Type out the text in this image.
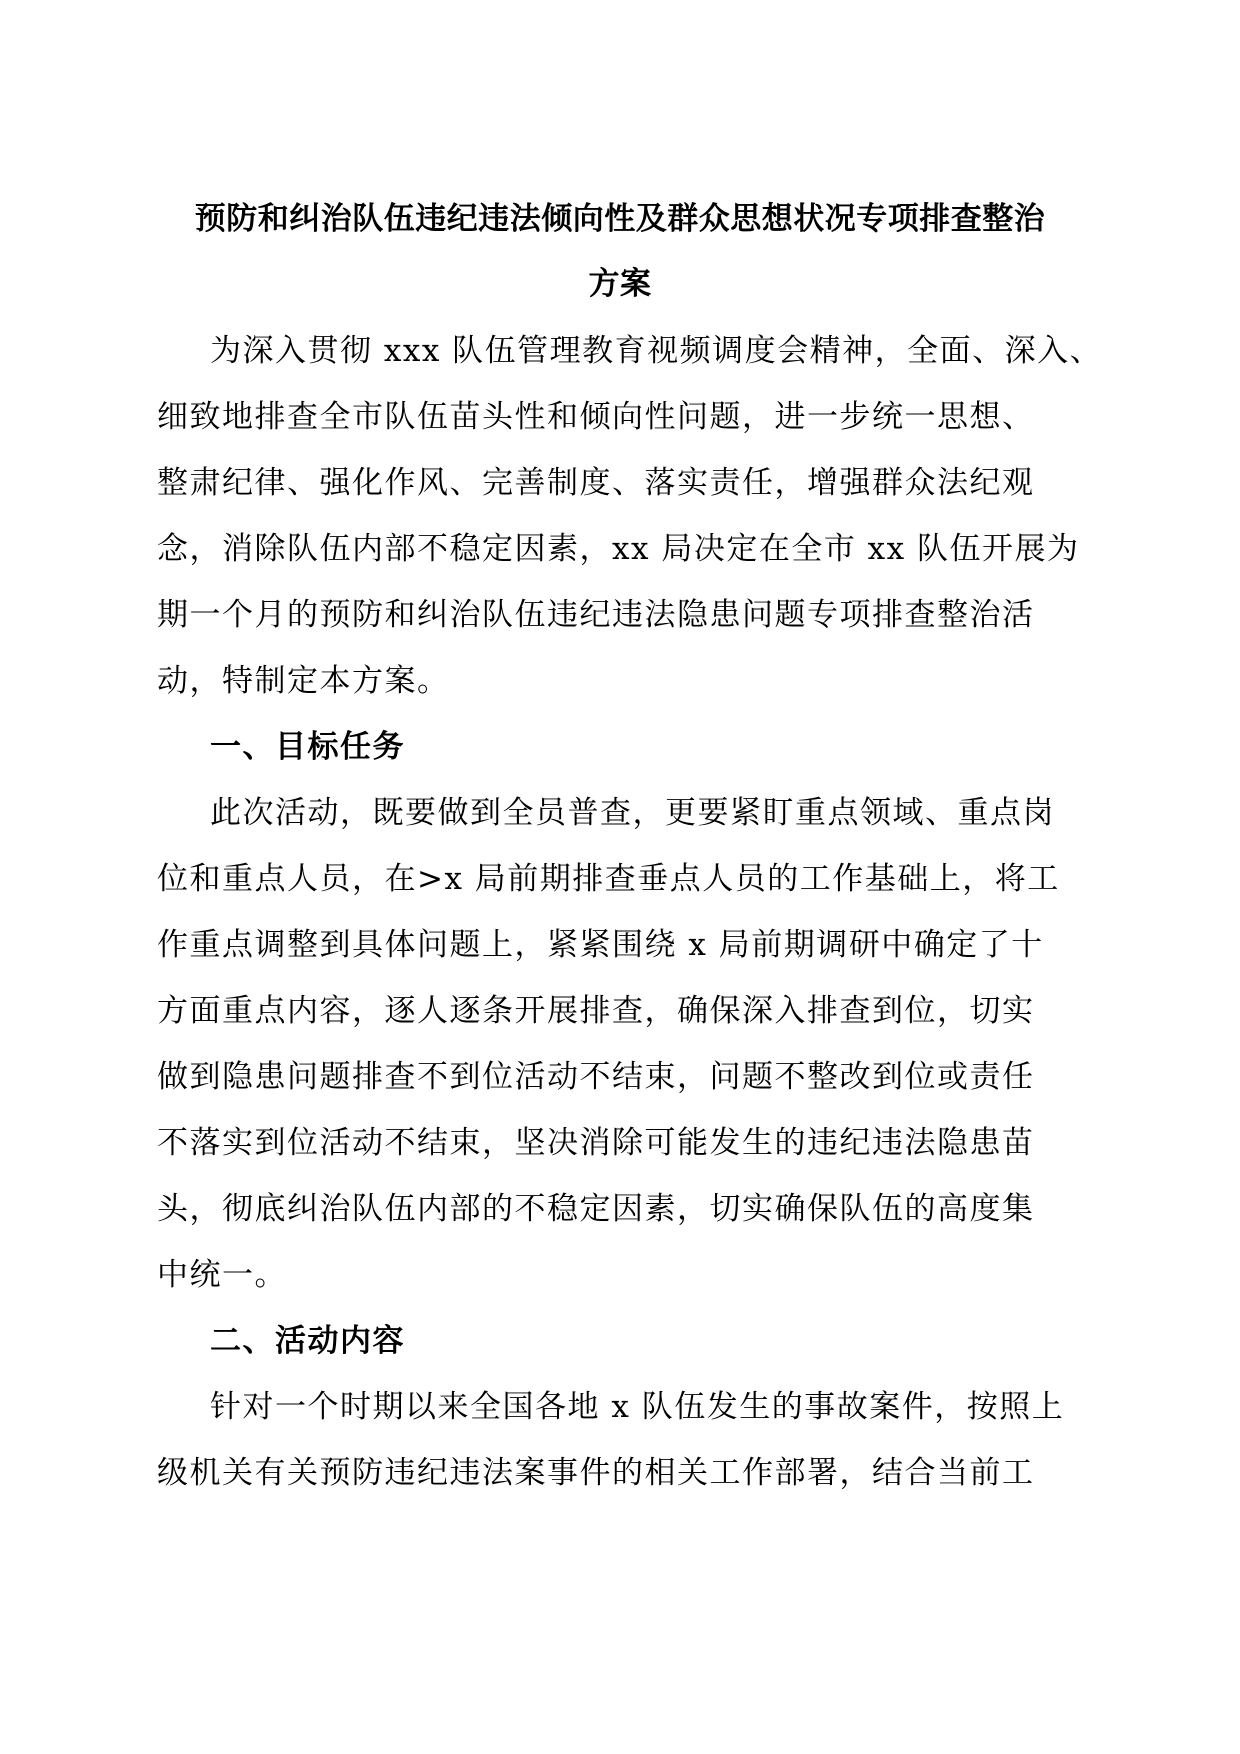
预防和纠治队伍违纪违法倾向性及群众思想状况专项排查整治
方案
为深入贯彻 xxx 队伍管理教育视频调度会精神，全面、深入、
细致地排查全市队伍苗头性和倾向性问题，进一步统一思想、
整肃纪律、强化作风、完善制度、落实责任，增强群众法纪观
念，消除队伍内部不稳定因素，xx 局决定在全市 xx 队伍开展为
期一个月的预防和纠治队伍违纪违法隐患问题专项排查整治活
动，特制定本方案。
一、目标任务
此次活动，既要做到全员普查，更要紧盯重点领域、重点岗
位和重点人员，在>x 局前期排查垂点人员的工作基础上，将工
作重点调整到具体问题上，紧紧围绕 x 局前期调研中确定了十
方面重点内容，逐人逐条开展排查，确保深入排查到位，切实
做到隐患问题排查不到位活动不结束，问题不整改到位或责任
不落实到位活动不结束，坚决消除可能发生的违纪违法隐患苗
头，彻底纠治队伍内部的不稳定因素，切实确保队伍的高度集
中统一。
二、活动内容
针对一个时期以来全国各地 x 队伍发生的事故案件，按照上
级机关有关预防违纪违法案事件的相关工作部署，结合当前工
